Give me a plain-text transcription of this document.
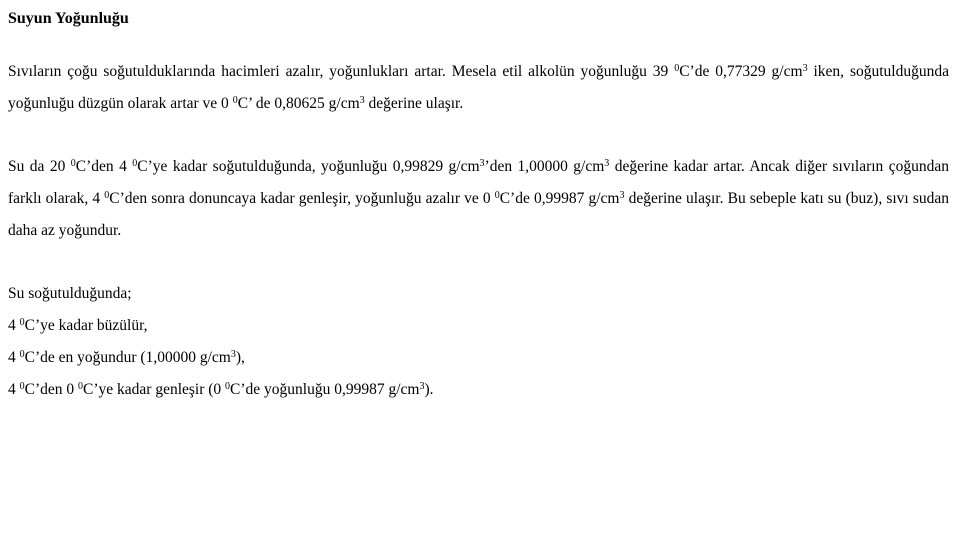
Suyun Yoğunluğu

Sıvıların çoğu soğutulduklarında hacimleri azalır, yoğunlukları artar. Mesela etil alkolün yoğunluğu 39 $^0$C’de 0,77329 $g/cm^3$ iken, soğutulduğunda yoğunluğu düzgün olarak artar ve 0 $^0$C’ de 0,80625 $g/cm^3$ değerine ulaşır.

Su da 20 $^0$C’den 4 $^0$C’ye kadar soğutulduğunda, yoğunluğu 0,99829 $g/cm^3’den$ 1,00000 $g/cm^3$ değerine kadar artar. Ancak diğer sıvıların çoğundan farklı olarak, 4 $^0$C’den sonra donuncaya kadar genleşir, yoğunluğu azalır ve 0 $^0$C’de 0,99987 $g/cm^3$ değerine ulaşır. Bu sebeple katı su (buz), sıvı sudan daha az yoğundur.

Su soğutulduğunda;

4 $^0$C’ye kadar büzülür,

4 $^0$C’de en yoğundur (1,00000 $g/cm^3$),

4 $^0$C’den 0 $^0$C’ye kadar genleşir (0 $^0$C’de yoğunluğu 0,99987 $g/cm^3$).
